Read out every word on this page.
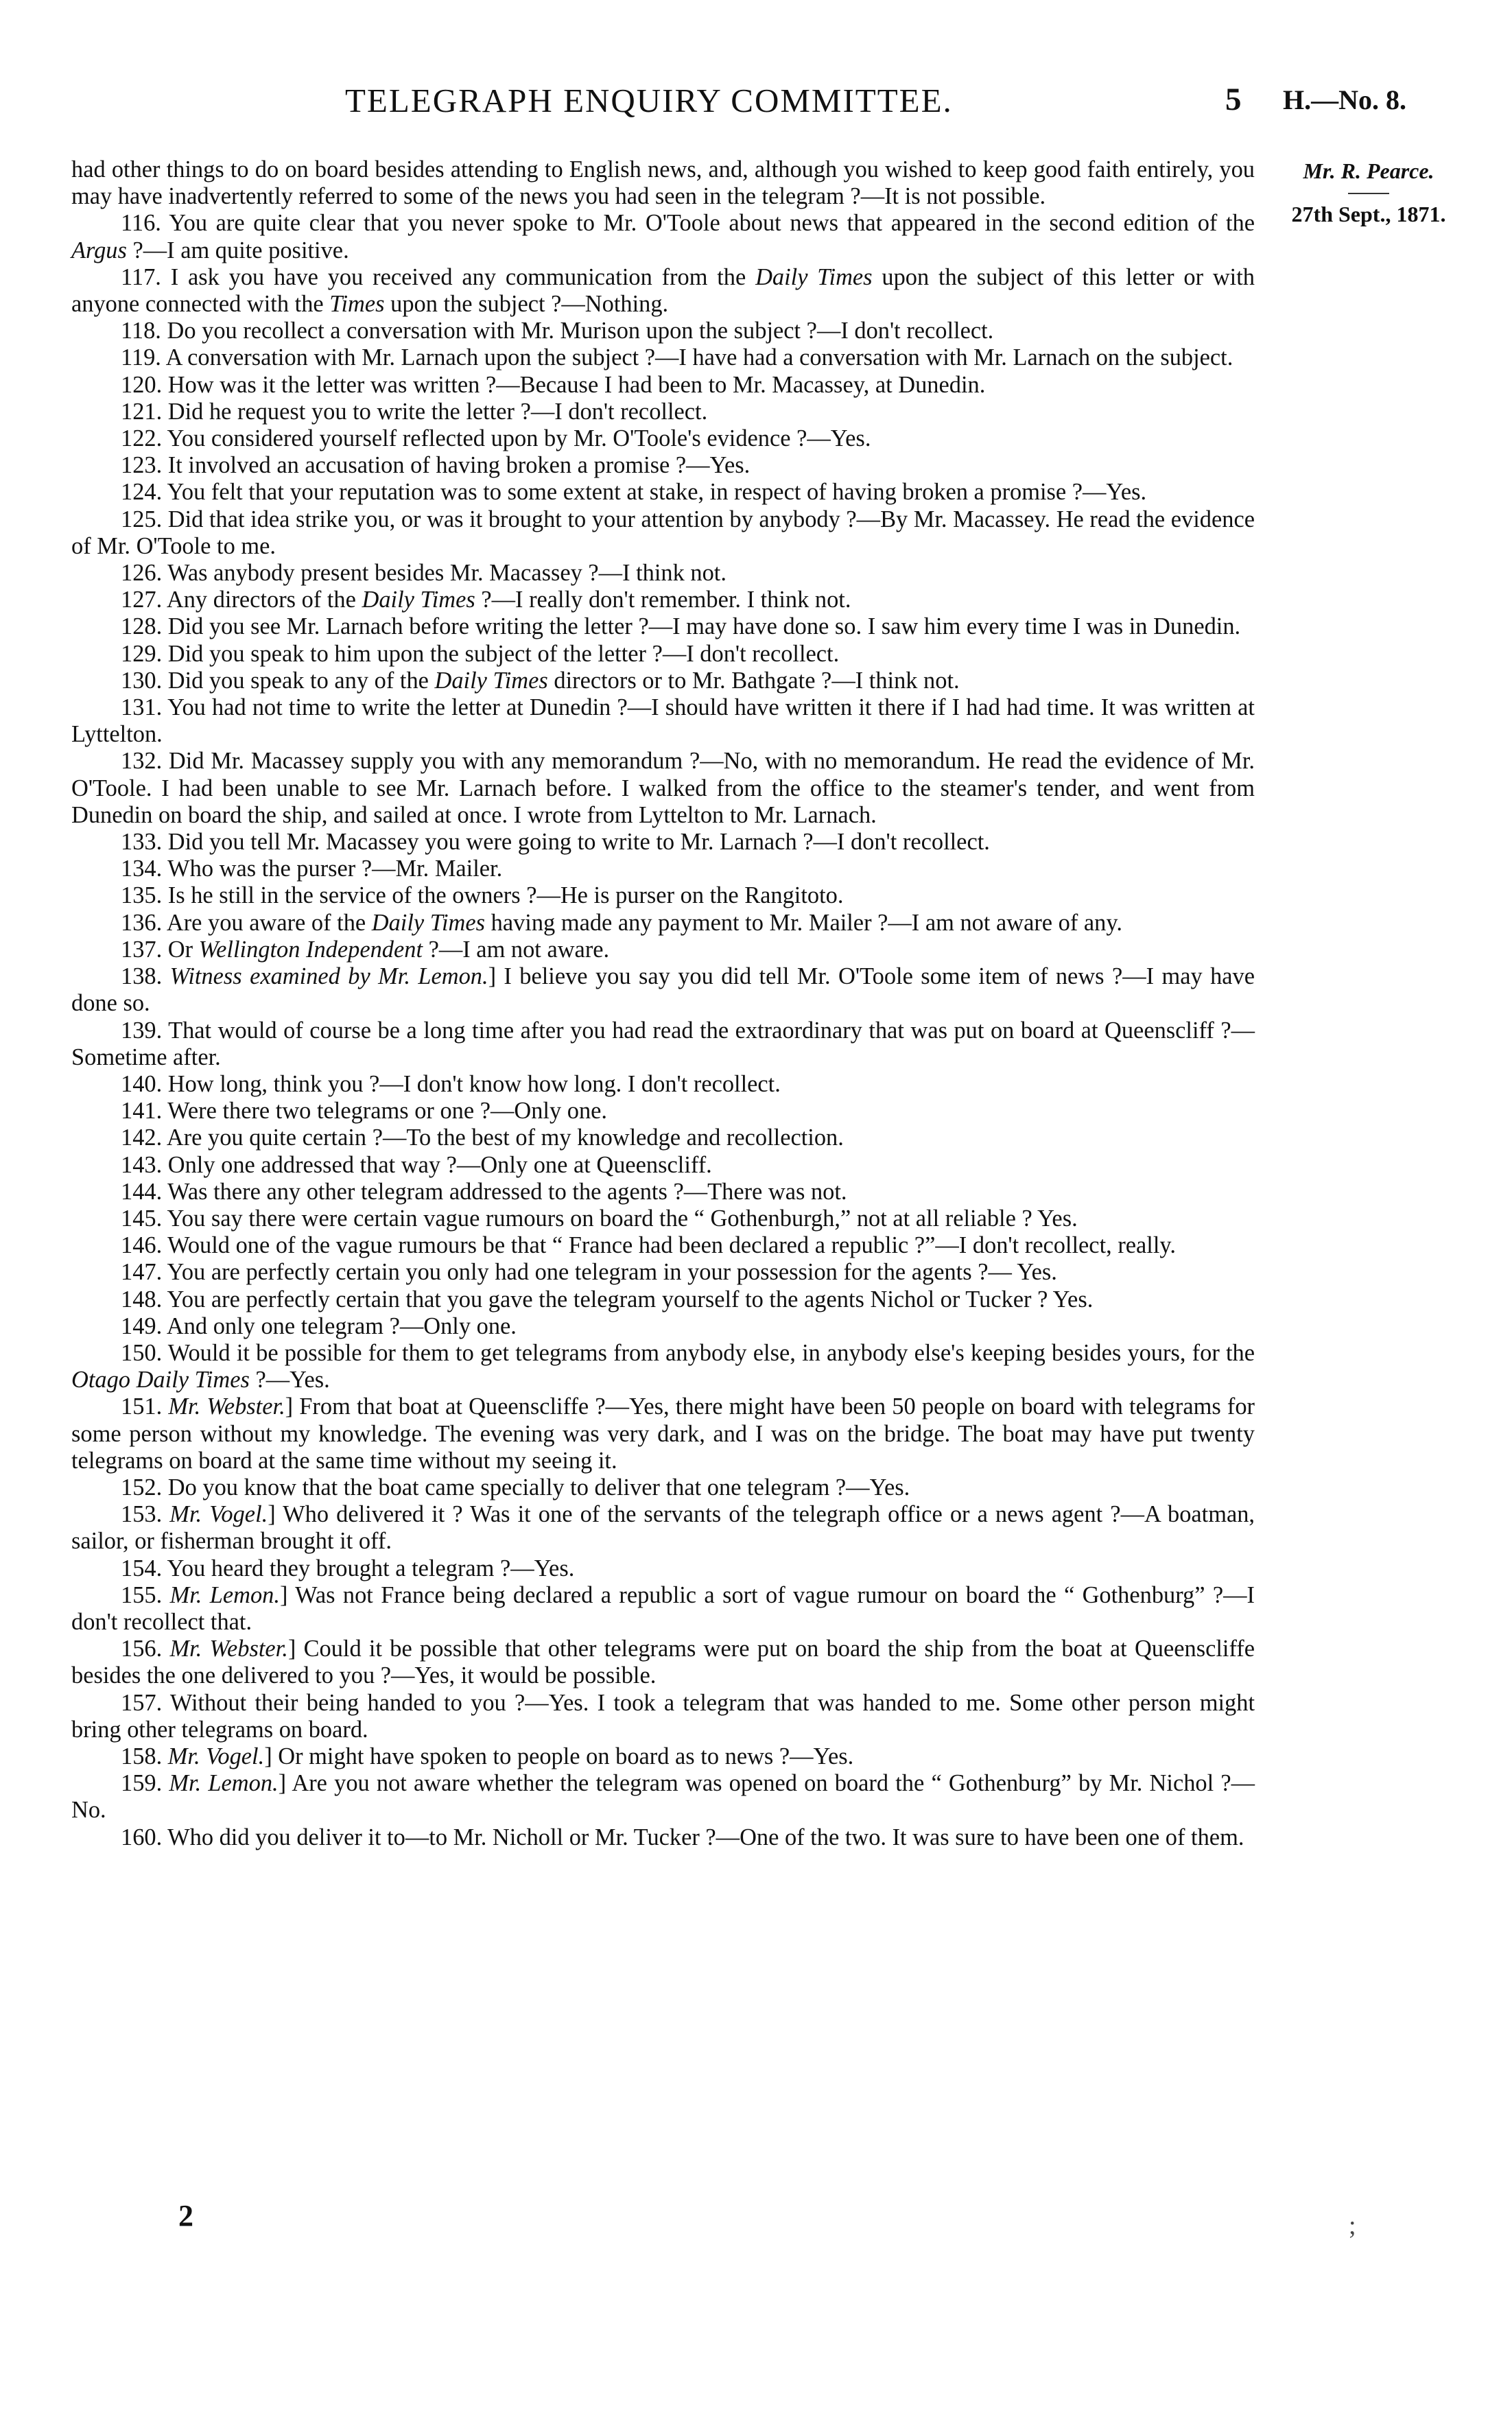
TELEGRAPH ENQUIRY COMMITTEE.	5 H.—No. 8.
Mr. R. Pearce.
27th Sept., 1871.

had other things to do on board besides attending to English news, and, although you wished to keep good faith entirely, you may have inadvertently referred to some of the news you had seen in the telegram ?—It is not possible.

116. You are quite clear that you never spoke to Mr. O'Toole about news that appeared in the second edition of the Argus ?—I am quite positive.

117. I ask you have you received any communication from the Daily Times upon the subject of this letter or with anyone connected with the Times upon the subject ?—Nothing.

118. Do you recollect a conversation with Mr. Murison upon the subject ?—I don't recollect.

119. A conversation with Mr. Larnach upon the subject ?—I have had a conversation with Mr. Larnach on the subject.

120. How was it the letter was written ?—Because I had been to Mr. Macassey, at Dunedin.

121. Did he request you to write the letter ?—I don't recollect.

122. You considered yourself reflected upon by Mr. O'Toole's evidence ?—Yes.

123. It involved an accusation of having broken a promise ?—Yes.

124. You felt that your reputation was to some extent at stake, in respect of having broken a promise ?—Yes.

125. Did that idea strike you, or was it brought to your attention by anybody ?—By Mr. Macassey. He read the evidence of Mr. O'Toole to me.

126. Was anybody present besides Mr. Macassey ?—I think not.

127. Any directors of the Daily Times ?—I really don't remember. I think not.

128. Did you see Mr. Larnach before writing the letter ?—I may have done so. I saw him every time I was in Dunedin.

129. Did you speak to him upon the subject of the letter ?—I don't recollect.

130. Did you speak to any of the Daily Times directors or to Mr. Bathgate ?—I think not.

131. You had not time to write the letter at Dunedin ?—I should have written it there if I had had time. It was written at Lyttelton.

132. Did Mr. Macassey supply you with any memorandum ?—No, with no memorandum. He read the evidence of Mr. O'Toole. I had been unable to see Mr. Larnach before. I walked from the office to the steamer's tender, and went from Dunedin on board the ship, and sailed at once. I wrote from Lyttelton to Mr. Larnach.

133. Did you tell Mr. Macassey you were going to write to Mr. Larnach ?—I don't recollect.

134. Who was the purser ?—Mr. Mailer.

135. Is he still in the service of the owners ?—He is purser on the Rangitoto.

136. Are you aware of the Daily Times having made any payment to Mr. Mailer ?—I am not aware of any.

137. Or Wellington Independent ?—I am not aware.

138. Witness examined by Mr. Lemon.] I believe you say you did tell Mr. O'Toole some item of news ?—I may have done so.

139. That would of course be a long time after you had read the extraordinary that was put on board at Queenscliff ?—Sometime after.

140. How long, think you ?—I don't know how long. I don't recollect.

141. Were there two telegrams or one ?—Only one.

142. Are you quite certain ?—To the best of my knowledge and recollection.

143. Only one addressed that way ?—Only one at Queenscliff.

144. Was there any other telegram addressed to the agents ?—There was not.

145. You say there were certain vague rumours on board the “ Gothenburgh,” not at all reliable ? Yes.

146. Would one of the vague rumours be that “ France had been declared a republic ?”—I don't recollect, really.

147. You are perfectly certain you only had one telegram in your possession for the agents ?— Yes.

148. You are perfectly certain that you gave the telegram yourself to the agents Nichol or Tucker ? Yes.

149. And only one telegram ?—Only one.

150. Would it be possible for them to get telegrams from anybody else, in anybody else's keeping besides yours, for the Otago Daily Times ?—Yes.

151. Mr. Webster.] From that boat at Queenscliffe ?—Yes, there might have been 50 people on board with telegrams for some person without my knowledge. The evening was very dark, and I was on the bridge. The boat may have put twenty telegrams on board at the same time without my seeing it.

152. Do you know that the boat came specially to deliver that one telegram ?—Yes.

153. Mr. Vogel.] Who delivered it ? Was it one of the servants of the telegraph office or a news agent ?—A boatman, sailor, or fisherman brought it off.

154. You heard they brought a telegram ?—Yes.

155. Mr. Lemon.] Was not France being declared a republic a sort of vague rumour on board the “ Gothenburg” ?—I don't recollect that.

156. Mr. Webster.] Could it be possible that other telegrams were put on board the ship from the boat at Queenscliffe besides the one delivered to you ?—Yes, it would be possible.

157. Without their being handed to you ?—Yes. I took a telegram that was handed to me. Some other person might bring other telegrams on board.

158. Mr. Vogel.] Or might have spoken to people on board as to news ?—Yes.

159. Mr. Lemon.] Are you not aware whether the telegram was opened on board the “ Gothenburg” by Mr. Nichol ?—No.

160. Who did you deliver it to—to Mr. Nicholl or Mr. Tucker ?—One of the two. It was sure to have been one of them.

2	;
